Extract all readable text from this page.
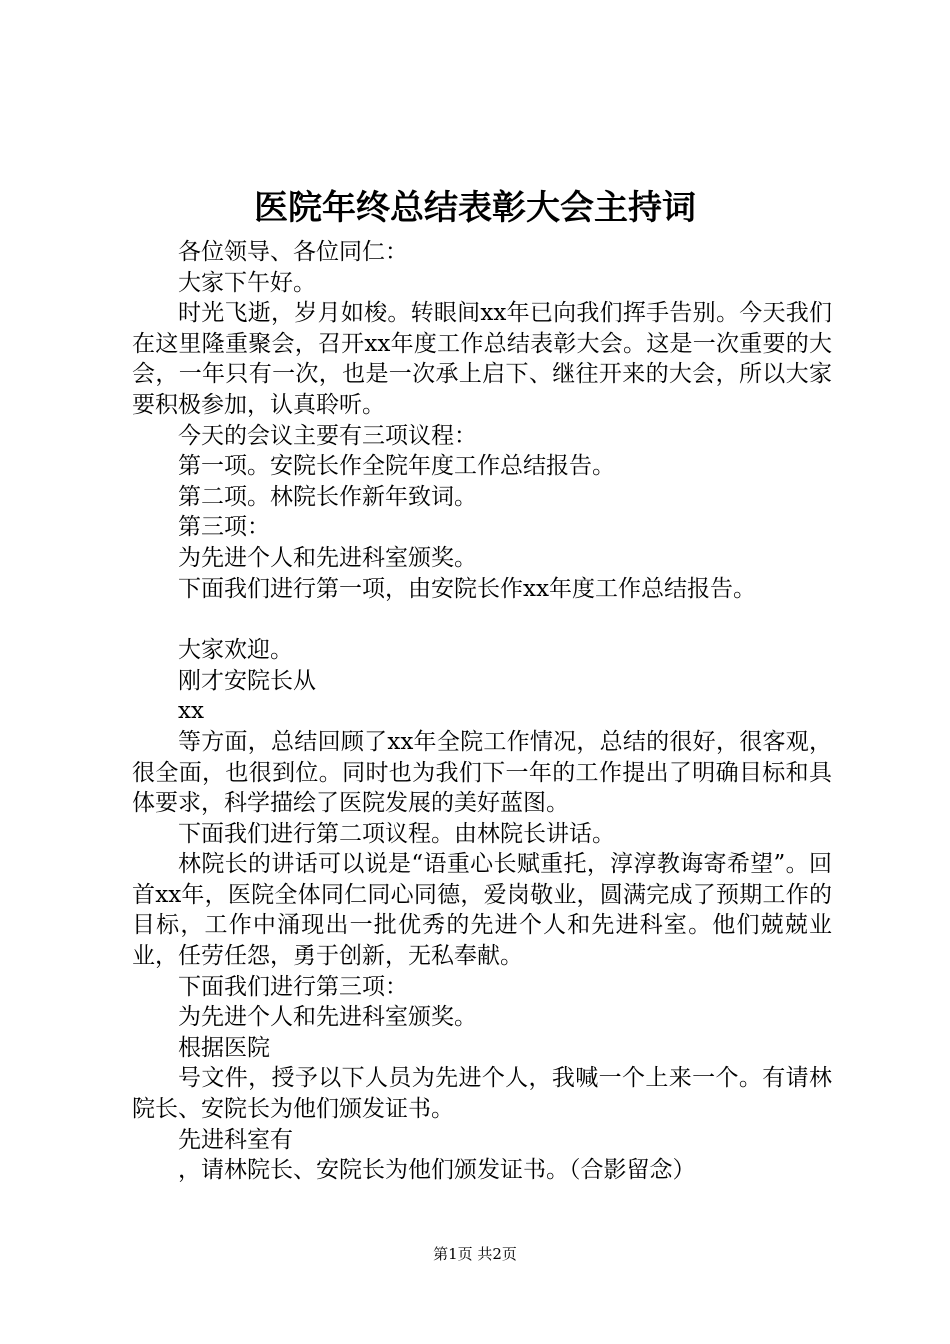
医院年终总结表彰大会主持词

各位领导、各位同仁：

大家下午好。

时光飞逝，岁月如梭。转眼间xx年已向我们挥手告别。今天我们在这里隆重聚会，召开xx年度工作总结表彰大会。这是一次重要的大会，一年只有一次，也是一次承上启下、继往开来的大会，所以大家要积极参加，认真聆听。

今天的会议主要有三项议程：

第一项。安院长作全院年度工作总结报告。

第二项。林院长作新年致词。

第三项：

为先进个人和先进科室颁奖。

下面我们进行第一项，由安院长作xx年度工作总结报告。

大家欢迎。

刚才安院长从

xx

等方面，总结回顾了xx年全院工作情况，总结的很好，很客观，很全面，也很到位。同时也为我们下一年的工作提出了明确目标和具体要求，科学描绘了医院发展的美好蓝图。

下面我们进行第二项议程。由林院长讲话。

林院长的讲话可以说是“语重心长赋重托，淳淳教诲寄希望”。回首xx年，医院全体同仁同心同德，爱岗敬业，圆满完成了预期工作的目标，工作中涌现出一批优秀的先进个人和先进科室。他们兢兢业业，任劳任怨，勇于创新，无私奉献。

下面我们进行第三项：

为先进个人和先进科室颁奖。

根据医院

号文件，授予以下人员为先进个人，我喊一个上来一个。有请林院长、安院长为他们颁发证书。

先进科室有

，请林院长、安院长为他们颁发证书。（合影留念）

第1页 共2页
